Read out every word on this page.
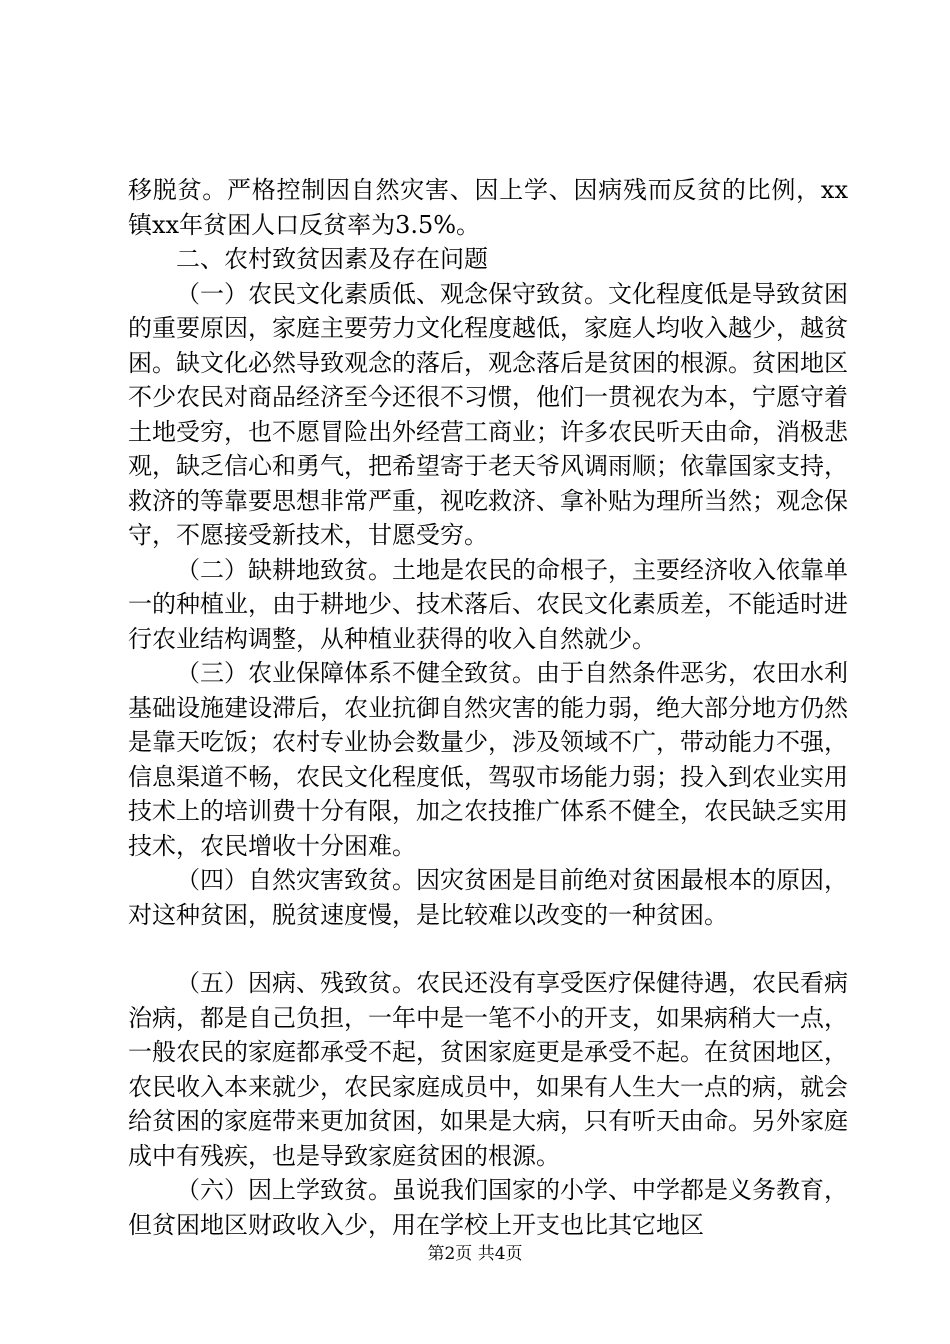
移脱贫。严格控制因自然灾害、因上学、因病残而反贫的比例，xx镇xx年贫困人口反贫率为3.5%。

二、农村致贫因素及存在问题

（一）农民文化素质低、观念保守致贫。文化程度低是导致贫困的重要原因，家庭主要劳力文化程度越低，家庭人均收入越少，越贫困。缺文化必然导致观念的落后，观念落后是贫困的根源。贫困地区不少农民对商品经济至今还很不习惯，他们一贯视农为本，宁愿守着土地受穷，也不愿冒险出外经营工商业；许多农民听天由命，消极悲观，缺乏信心和勇气，把希望寄于老天爷风调雨顺；依靠国家支持，救济的等靠要思想非常严重，视吃救济、拿补贴为理所当然；观念保守，不愿接受新技术，甘愿受穷。

（二）缺耕地致贫。土地是农民的命根子，主要经济收入依靠单一的种植业，由于耕地少、技术落后、农民文化素质差，不能适时进行农业结构调整，从种植业获得的收入自然就少。

（三）农业保障体系不健全致贫。由于自然条件恶劣，农田水利基础设施建设滞后，农业抗御自然灾害的能力弱，绝大部分地方仍然是靠天吃饭；农村专业协会数量少，涉及领域不广，带动能力不强，信息渠道不畅，农民文化程度低，驾驭市场能力弱；投入到农业实用技术上的培训费十分有限，加之农技推广体系不健全，农民缺乏实用技术，农民增收十分困难。

（四）自然灾害致贫。因灾贫困是目前绝对贫困最根本的原因，对这种贫困，脱贫速度慢，是比较难以改变的一种贫困。

（五）因病、残致贫。农民还没有享受医疗保健待遇，农民看病治病，都是自己负担，一年中是一笔不小的开支，如果病稍大一点，一般农民的家庭都承受不起，贫困家庭更是承受不起。在贫困地区，农民收入本来就少，农民家庭成员中，如果有人生大一点的病，就会给贫困的家庭带来更加贫困，如果是大病，只有听天由命。另外家庭成中有残疾，也是导致家庭贫困的根源。

（六）因上学致贫。虽说我们国家的小学、中学都是义务教育，但贫困地区财政收入少，用在学校上开支也比其它地区

第2页 共4页
